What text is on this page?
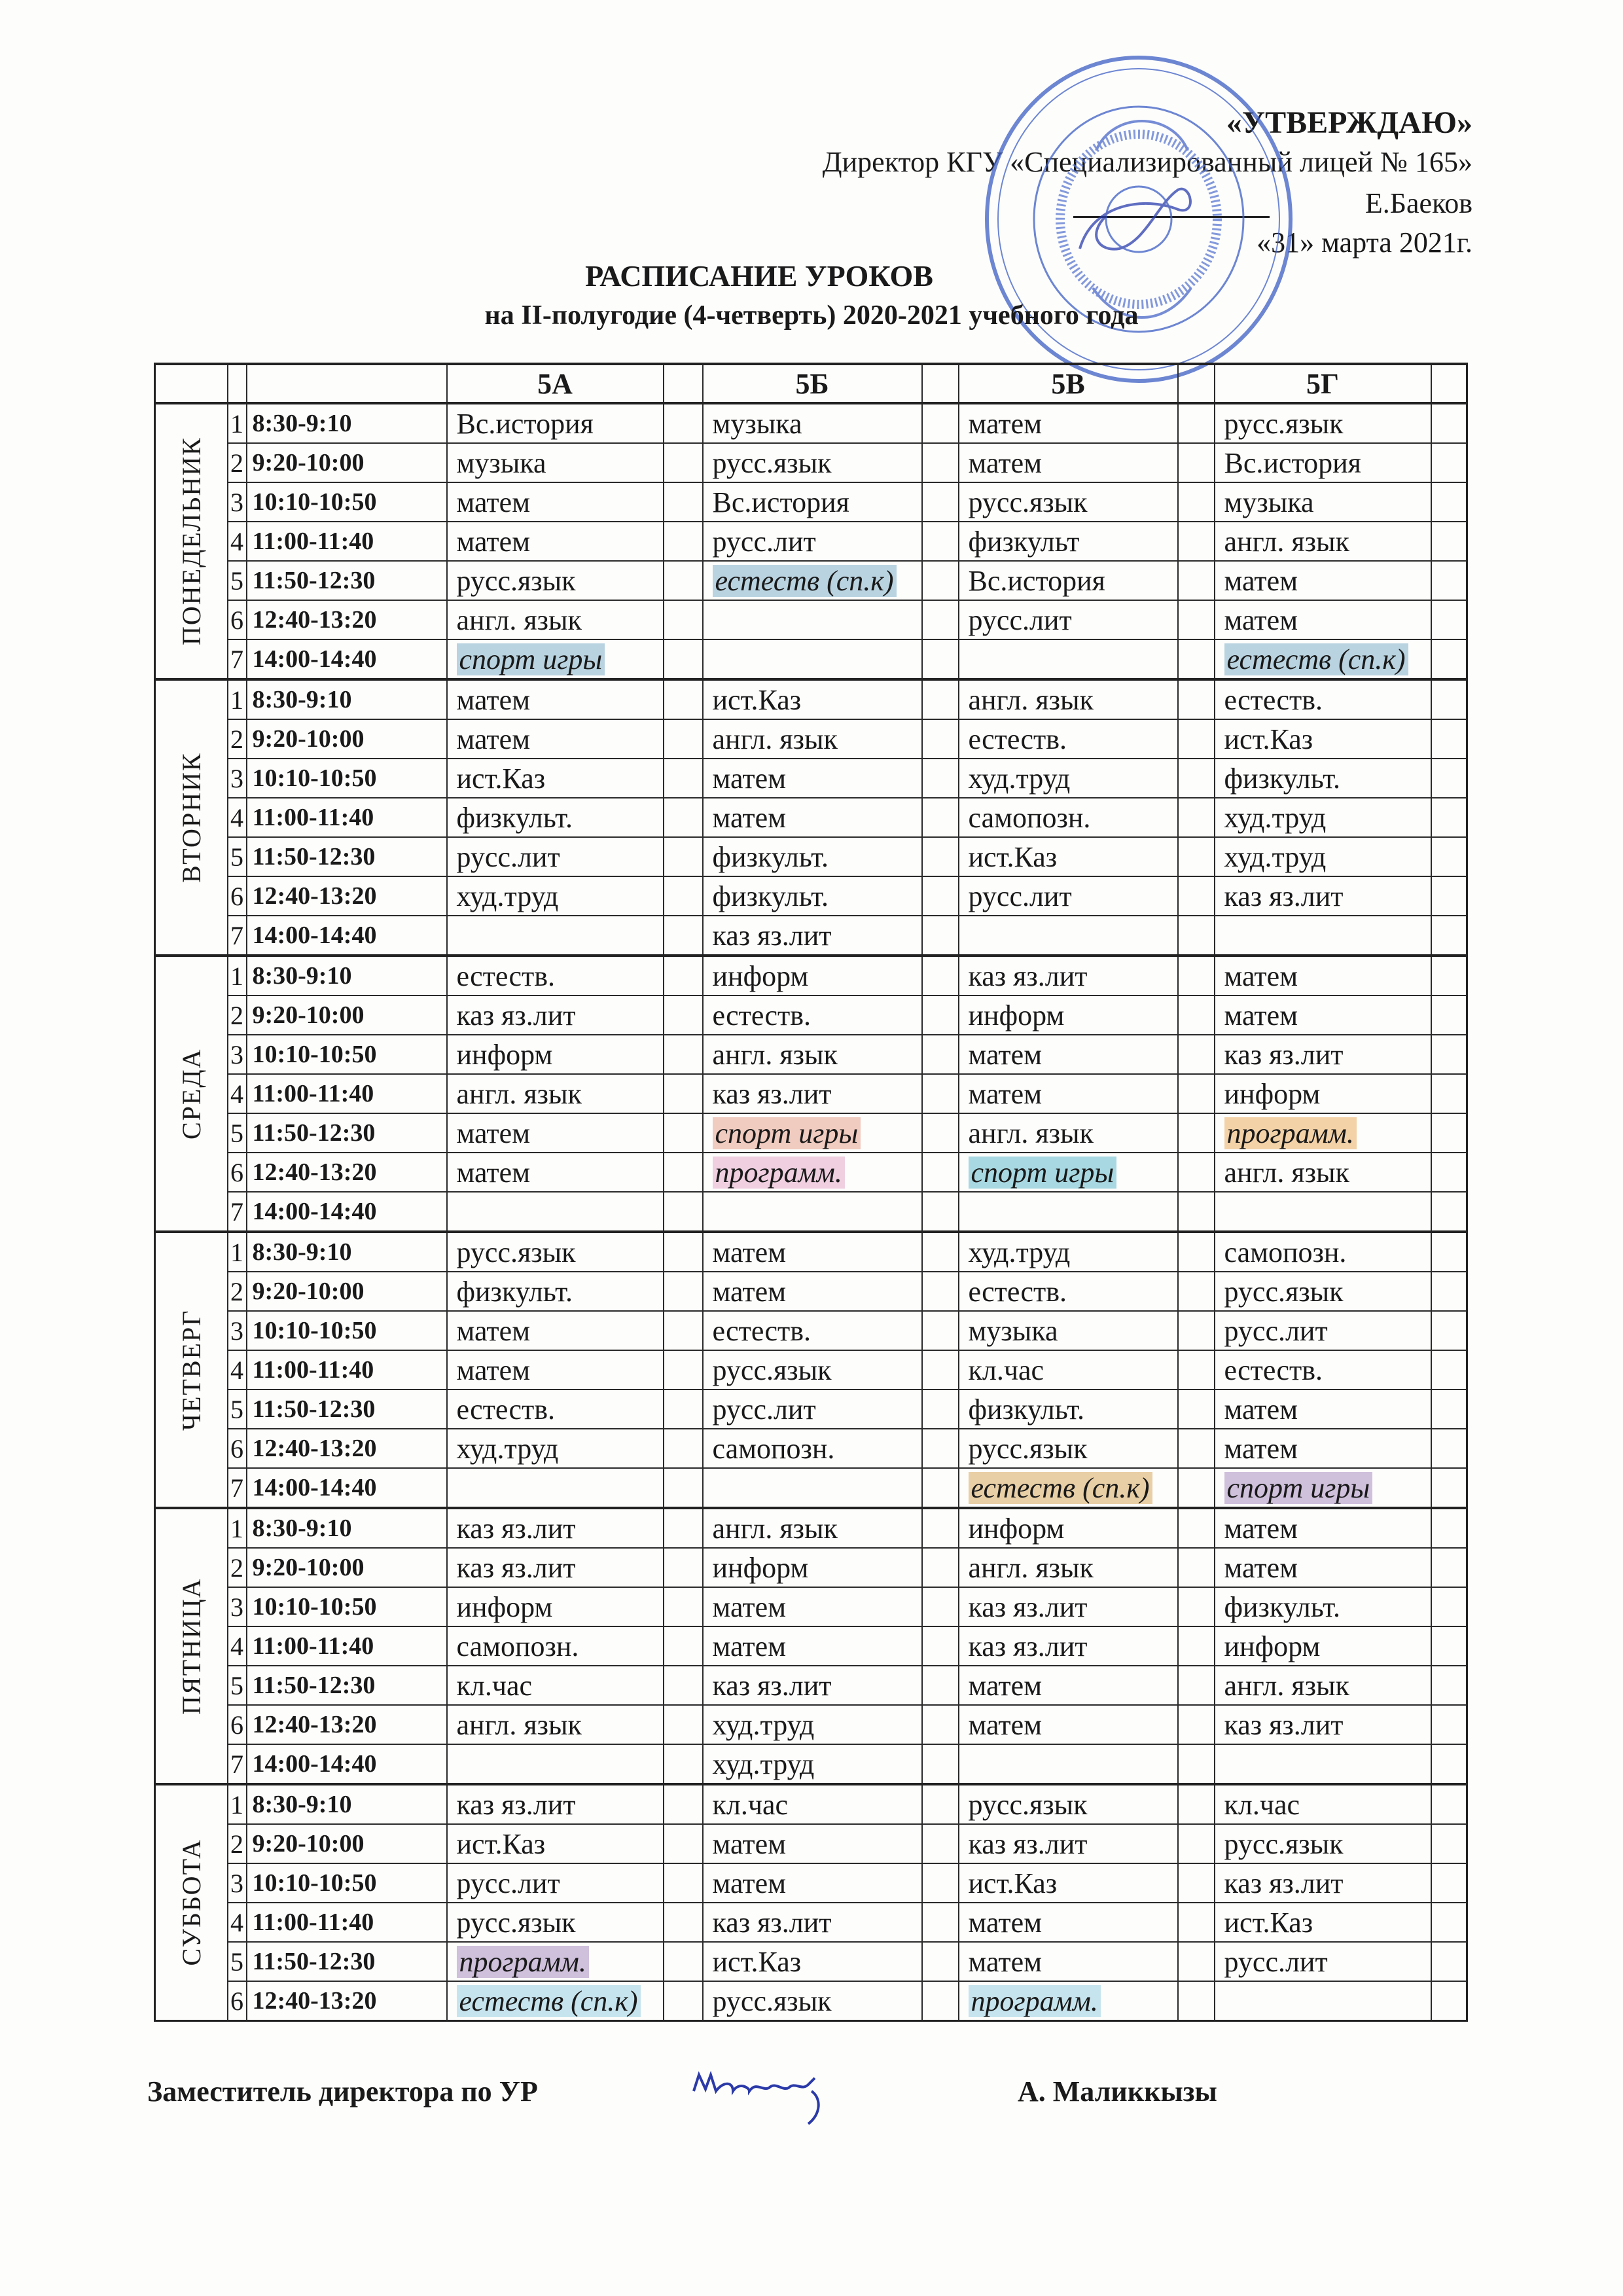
«УТВЕРЖДАЮ»
Директор КГУ «Специализированный лицей № 165»
Е.Баеков
«31» марта 2021г.
РАСПИСАНИЕ УРОКОВ
на II-полугодие (4-четверть) 2020-2021 учебного года
			5А		5Б		5В		5Г	
ПОНЕДЕЛЬНИК	1	8:30-9:10	Вс.история		музыка		матем		русс.язык	
	2	9:20-10:00	музыка		русс.язык		матем		Вс.история	
	3	10:10-10:50	матем		Вс.история		русс.язык		музыка	
	4	11:00-11:40	матем		русс.лит		физкульт		англ. язык	
	5	11:50-12:30	русс.язык		естеств (сп.к)		Вс.история		матем	
	6	12:40-13:20	англ. язык				русс.лит		матем	
	7	14:00-14:40	спорт игры						естеств (сп.к)	
ВТОРНИК	1	8:30-9:10	матем		ист.Каз		англ. язык		естеств.	
	2	9:20-10:00	матем		англ. язык		естеств.		ист.Каз	
	3	10:10-10:50	ист.Каз		матем		худ.труд		физкульт.	
	4	11:00-11:40	физкульт.		матем		самопозн.		худ.труд	
	5	11:50-12:30	русс.лит		физкульт.		ист.Каз		худ.труд	
	6	12:40-13:20	худ.труд		физкульт.		русс.лит		каз яз.лит	
	7	14:00-14:40			каз яз.лит					
СРЕДА	1	8:30-9:10	естеств.		информ		каз яз.лит		матем	
	2	9:20-10:00	каз яз.лит		естеств.		информ		матем	
	3	10:10-10:50	информ		англ. язык		матем		каз яз.лит	
	4	11:00-11:40	англ. язык		каз яз.лит		матем		информ	
	5	11:50-12:30	матем		спорт игры		англ. язык		программ.	
	6	12:40-13:20	матем		программ.		спорт игры		англ. язык	
	7	14:00-14:40								
ЧЕТВЕРГ	1	8:30-9:10	русс.язык		матем		худ.труд		самопозн.	
	2	9:20-10:00	физкульт.		матем		естеств.		русс.язык	
	3	10:10-10:50	матем		естеств.		музыка		русс.лит	
	4	11:00-11:40	матем		русс.язык		кл.час		естеств.	
	5	11:50-12:30	естеств.		русс.лит		физкульт.		матем	
	6	12:40-13:20	худ.труд		самопозн.		русс.язык		матем	
	7	14:00-14:40					естеств (сп.к)		спорт игры	
ПЯТНИЦА	1	8:30-9:10	каз яз.лит		англ. язык		информ		матем	
	2	9:20-10:00	каз яз.лит		информ		англ. язык		матем	
	3	10:10-10:50	информ		матем		каз яз.лит		физкульт.	
	4	11:00-11:40	самопозн.		матем		каз яз.лит		информ	
	5	11:50-12:30	кл.час		каз яз.лит		матем		англ. язык	
	6	12:40-13:20	англ. язык		худ.труд		матем		каз яз.лит	
	7	14:00-14:40			худ.труд					
СУББОТА	1	8:30-9:10	каз яз.лит		кл.час		русс.язык		кл.час	
	2	9:20-10:00	ист.Каз		матем		каз яз.лит		русс.язык	
	3	10:10-10:50	русс.лит		матем		ист.Каз		каз яз.лит	
	4	11:00-11:40	русс.язык		каз яз.лит		матем		ист.Каз	
	5	11:50-12:30	программ.		ист.Каз		матем		русс.лит	
	6	12:40-13:20	естеств (сп.к)		русс.язык		программ.			
Заместитель директора по УР	А. Маликкызы
